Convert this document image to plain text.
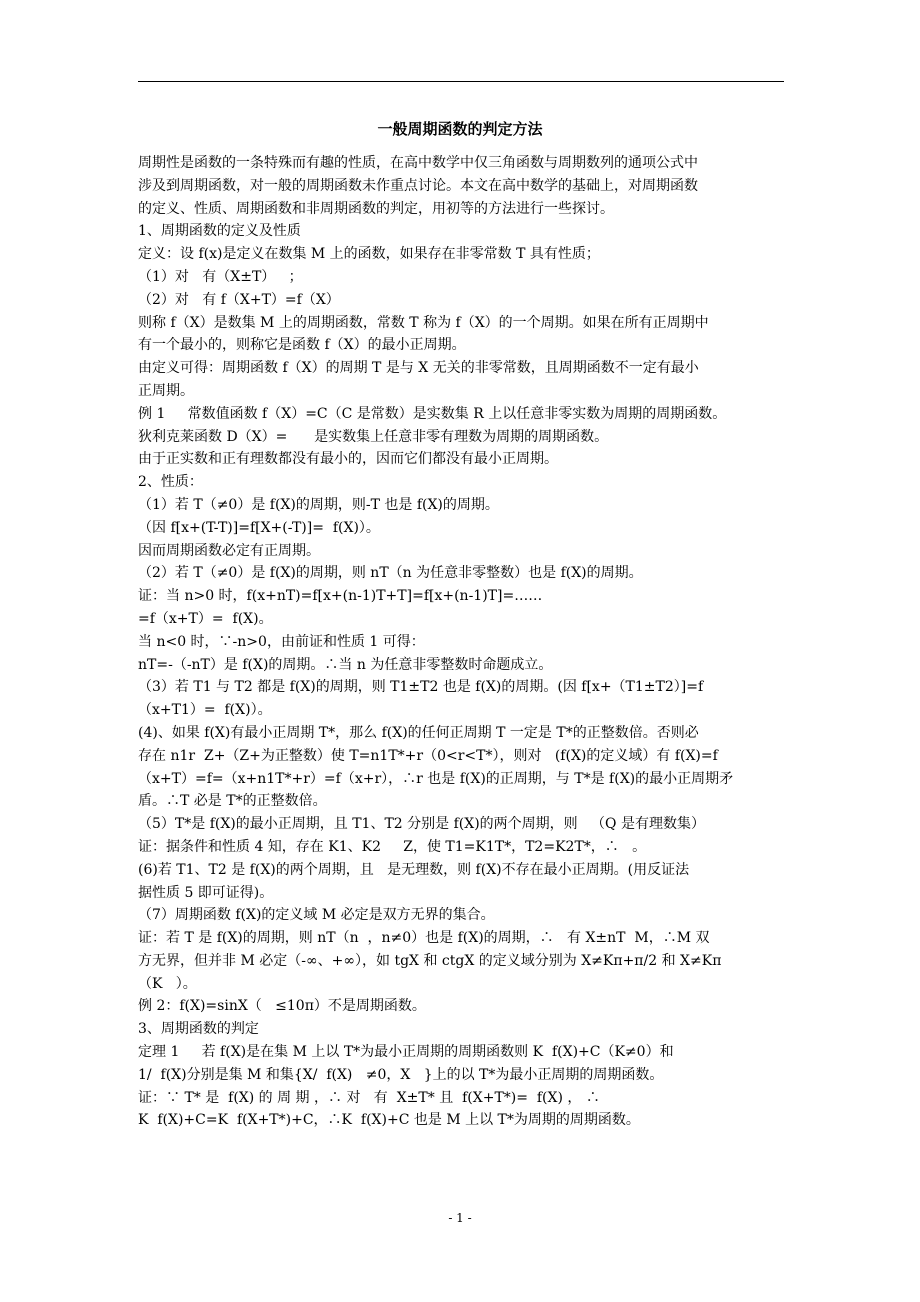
一般周期函数的判定方法
周期性是函数的一条特殊而有趣的性质，在高中数学中仅三角函数与周期数列的通项公式中
涉及到周期函数，对一般的周期函数未作重点讨论。本文在高中数学的基础上，对周期函数
的定义、性质、周期函数和非周期函数的判定，用初等的方法进行一些探讨。
1、周期函数的定义及性质
定义：设 f(x)是定义在数集 M 上的函数，如果存在非零常数 T 具有性质；
（1）对   有（X±T）   ；
（2）对   有 f（X+T）=f（X）
则称 f（X）是数集 M 上的周期函数，常数 T 称为 f（X）的一个周期。如果在所有正周期中
有一个最小的，则称它是函数 f（X）的最小正周期。
由定义可得：周期函数 f（X）的周期 T 是与 X 无关的非零常数，且周期函数不一定有最小
正周期。
例 1     常数值函数 f（X）=C（C 是常数）是实数集 R 上以任意非零实数为周期的周期函数。
狄利克莱函数 D（X）=      是实数集上任意非零有理数为周期的周期函数。
由于正实数和正有理数都没有最小的，因而它们都没有最小正周期。
2、性质：
（1）若 T（≠0）是 f(X)的周期，则-T 也是 f(X)的周期。
（因 f[x+(T-T)]=f[X+(-T)]=  f(X)）。
因而周期函数必定有正周期。
（2）若 T（≠0）是 f(X)的周期，则 nT（n 为任意非零整数）也是 f(X)的周期。
证：当 n>0 时，f(x+nT)=f[x+(n-1)T+T]=f[x+(n-1)T]=……
=f（x+T）=  f(X)。
当 n<0 时，∵-n>0，由前证和性质 1 可得：
nT=-（-nT）是 f(X)的周期。∴当 n 为任意非零整数时命题成立。
（3）若 T1 与 T2 都是 f(X)的周期，则 T1±T2 也是 f(X)的周期。(因 f[x+（T1±T2）]=f
（x+T1）=  f(X)）。
(4)、如果 f(X)有最小正周期 T*，那么 f(X)的任何正周期 T 一定是 T*的正整数倍。否则必
存在 n1r  Z+（Z+为正整数）使 T=n1T*+r（0<r<T*），则对   (f(X)的定义域）有 f(X)=f
（x+T）=f=（x+n1T*+r）=f（x+r），∴r 也是 f(X)的正周期，与 T*是 f(X)的最小正周期矛
盾。∴T 必是 T*的正整数倍。
（5）T*是 f(X)的最小正周期，且 T1、T2 分别是 f(X)的两个周期，则   （Q 是有理数集）
证：据条件和性质 4 知，存在 K1、K2     Z，使 T1=K1T*，T2=K2T*，∴   。
(6)若 T1、T2 是 f(X)的两个周期，且   是无理数，则 f(X)不存在最小正周期。(用反证法
据性质 5 即可证得)。
（7）周期函数 f(X)的定义域 M 必定是双方无界的集合。
证：若 T 是 f(X)的周期，则 nT（n  ，n≠0）也是 f(X)的周期，∴   有 X±nT  M，∴M 双
方无界，但并非 M 必定（-∞、+∞），如 tgX 和 ctgX 的定义域分别为 X≠Kπ+π/2 和 X≠Kπ
（K   ）。
例 2：f(X)=sinX（   ≤10π）不是周期函数。
3、周期函数的判定
定理 1     若 f(X)是在集 M 上以 T*为最小正周期的周期函数则 K  f(X)+C（K≠0）和
1/  f(X)分别是集 M 和集{X/  f(X)   ≠0，X   }上的以 T*为最小正周期的周期函数。
证：∵ T* 是  f(X) 的 周 期 ，∴ 对   有  X±T* 且  f(X+T*)=  f(X) ， ∴
K  f(X)+C=K  f(X+T*)+C，∴K  f(X)+C 也是 M 上以 T*为周期的周期函数。
- 1 -
